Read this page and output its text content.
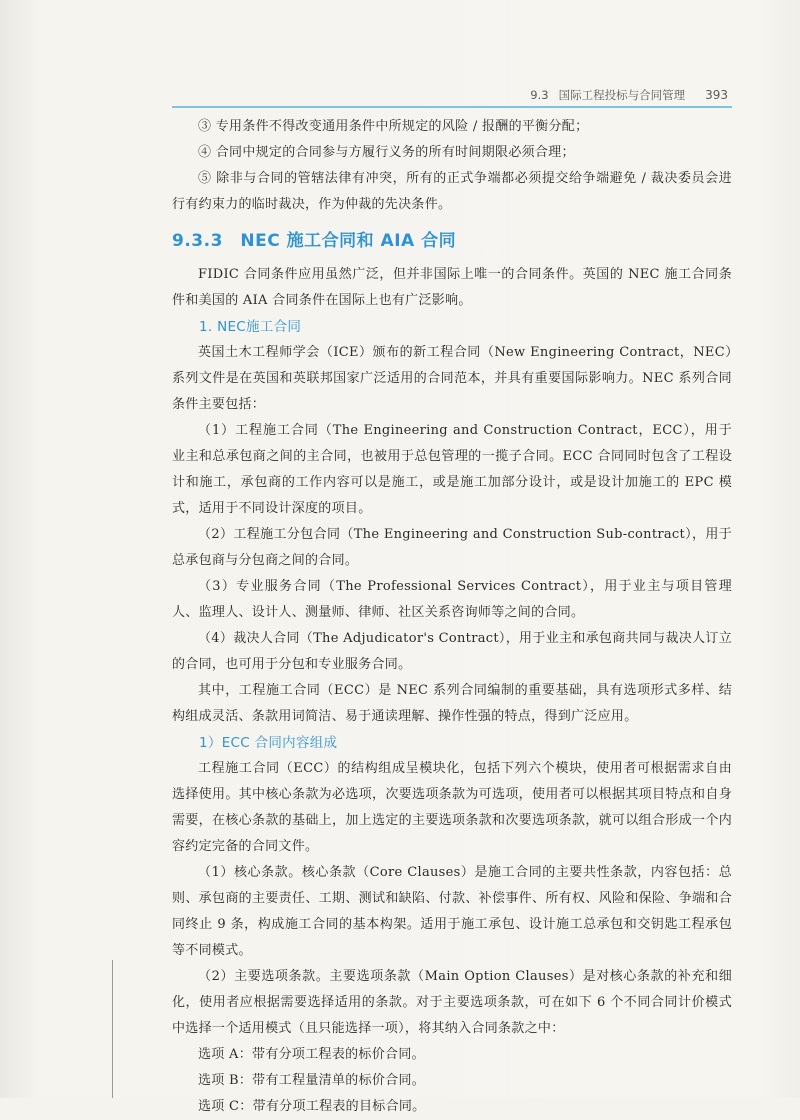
9.3 国际工程投标与合同管理 393

③ 专用条件不得改变通用条件中所规定的风险 / 报酬的平衡分配；

④ 合同中规定的合同参与方履行义务的所有时间期限必须合理；

⑤ 除非与合同的管辖法律有冲突，所有的正式争端都必须提交给争端避免 / 裁决委员会进行有约束力的临时裁决，作为仲裁的先决条件。

9.3.3　NEC 施工合同和 AIA 合同

FIDIC 合同条件应用虽然广泛，但并非国际上唯一的合同条件。英国的 NEC 施工合同条件和美国的 AIA 合同条件在国际上也有广泛影响。

1. NEC施工合同

英国土木工程师学会（ICE）颁布的新工程合同（New Engineering Contract，NEC）系列文件是在英国和英联邦国家广泛适用的合同范本，并具有重要国际影响力。NEC 系列合同条件主要包括：

（1）工程施工合同（The Engineering and Construction Contract，ECC），用于业主和总承包商之间的主合同，也被用于总包管理的一揽子合同。ECC 合同同时包含了工程设计和施工，承包商的工作内容可以是施工，或是施工加部分设计，或是设计加施工的 EPC 模式，适用于不同设计深度的项目。

（2）工程施工分包合同（The Engineering and Construction Sub-contract），用于总承包商与分包商之间的合同。

（3）专业服务合同（The Professional Services Contract），用于业主与项目管理人、监理人、设计人、测量师、律师、社区关系咨询师等之间的合同。

（4）裁决人合同（The Adjudicator's Contract），用于业主和承包商共同与裁决人订立的合同，也可用于分包和专业服务合同。

其中，工程施工合同（ECC）是 NEC 系列合同编制的重要基础，具有选项形式多样、结构组成灵活、条款用词简洁、易于通读理解、操作性强的特点，得到广泛应用。

1）ECC 合同内容组成

工程施工合同（ECC）的结构组成呈模块化，包括下列六个模块，使用者可根据需求自由选择使用。其中核心条款为必选项，次要选项条款为可选项，使用者可以根据其项目特点和自身需要，在核心条款的基础上，加上选定的主要选项条款和次要选项条款，就可以组合形成一个内容约定完备的合同文件。

（1）核心条款。核心条款（Core Clauses）是施工合同的主要共性条款，内容包括：总则、承包商的主要责任、工期、测试和缺陷、付款、补偿事件、所有权、风险和保险、争端和合同终止 9 条，构成施工合同的基本构架。适用于施工承包、设计施工总承包和交钥匙工程承包等不同模式。

（2）主要选项条款。主要选项条款（Main Option Clauses）是对核心条款的补充和细化，使用者应根据需要选择适用的条款。对于主要选项条款，可在如下 6 个不同合同计价模式中选择一个适用模式（且只能选择一项），将其纳入合同条款之中：

选项 A：带有分项工程表的标价合同。

选项 B：带有工程量清单的标价合同。

选项 C：带有分项工程表的目标合同。
